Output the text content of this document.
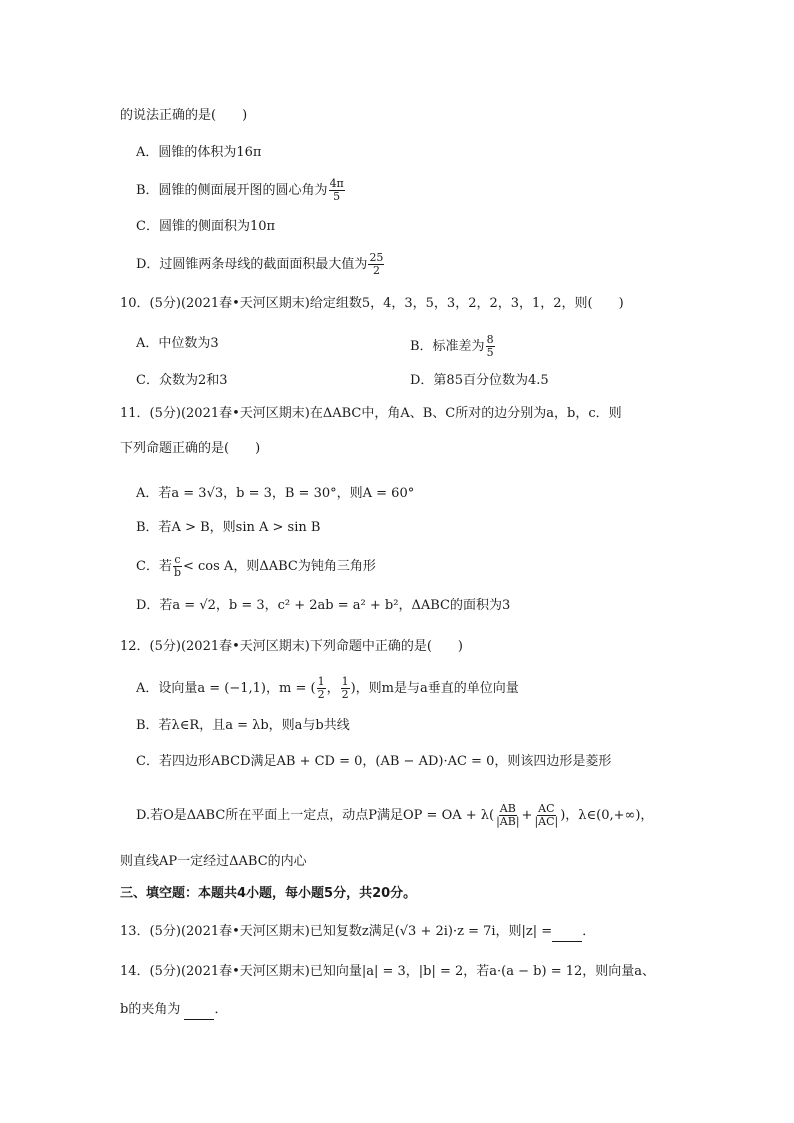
的说法正确的是(　　)
A．圆锥的体积为16π
B．圆锥的侧面展开图的圆心角为 $\frac{4\pi}{5}$
C．圆锥的侧面积为10π
D．过圆锥两条母线的截面面积最大值为 $\frac{25}{2}$
10．(5分)(2021春•天河区期末)给定组数5，4，3，5，3，2，2，3，1，2，则(　　)
A．中位数为3	B．标准差为 $\frac{8}{5}$
C．众数为2和3	D．第85百分位数为4.5
11．(5分)(2021春•天河区期末)在ΔABC中，角A、B、C所对的边分别为a，b，c．则
下列命题正确的是(　　)
A．若a = 3√3，b = 3，B = 30°，则A = 60°
B．若A > B，则sin A > sin B
C．若 $\frac{c}{b} < \cos A$，则ΔABC为钝角三角形
D．若a = √2，b = 3，c² + 2ab = a² + b²，ΔABC的面积为3
12．(5分)(2021春•天河区期末)下列命题中正确的是(　　)
A．设向量a = (−1,1)，m = ( $\frac{1}{2}$ ， $\frac{1}{2}$ )，则m是与a垂直的单位向量
B．若λ∈R，且a = λb，则a与b共线
C．若四边形ABCD满足AB + CD = 0，(AB − AD)·AC = 0，则该四边形是菱形
D.若O是ΔABC所在平面上一定点，动点P满足OP = OA + $\lambda( \frac{AB}{|AB|} + \frac{AC}{|AC|}$ )，λ∈(0,+∞)，
则直线AP一定经过ΔABC的内心
三、填空题：本题共4小题，每小题5分，共20分。
13．(5分)(2021春•天河区期末)已知复数z满足(√3 + 2i)·z = 7i，则|z| = ．
14．(5分)(2021春•天河区期末)已知向量|a| = 3，|b| = 2，若a·(a − b) = 12，则向量a、
b的夹角为	．
